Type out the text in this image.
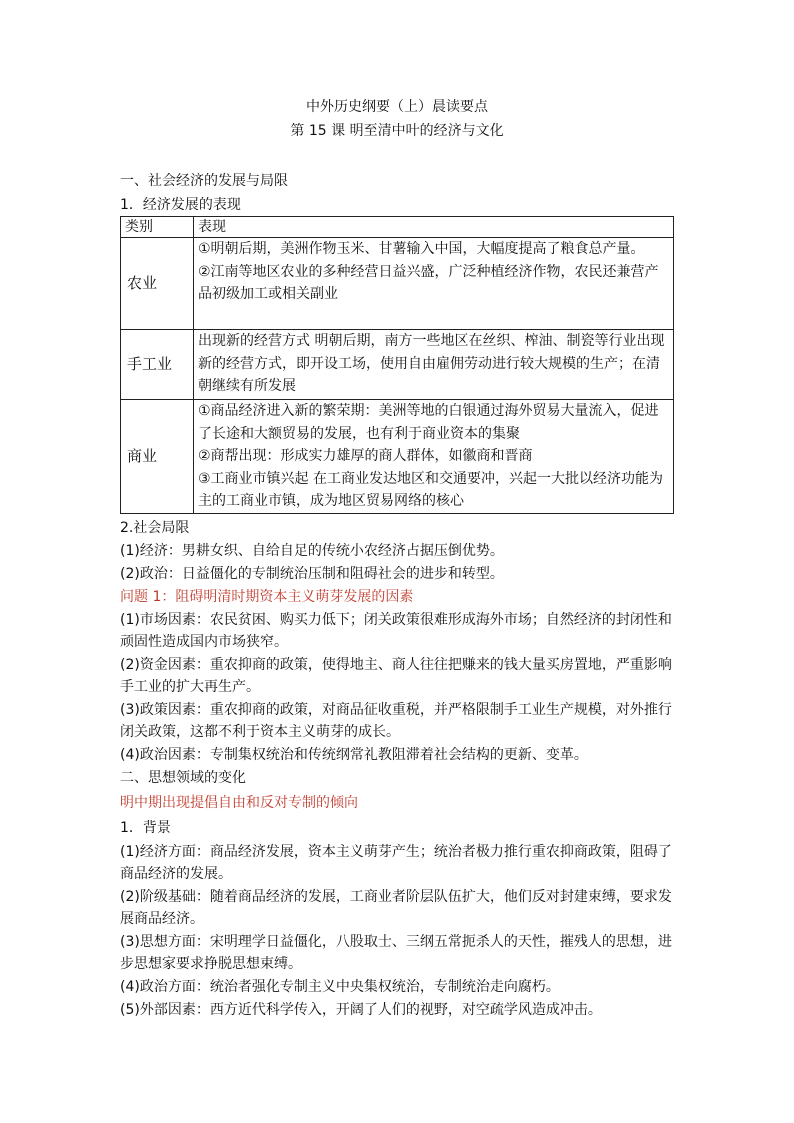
中外历史纲要（上）晨读要点
第 15 课 明至清中叶的经济与文化
一、社会经济的发展与局限
1．经济发展的表现
类别	表现
农业	①明朝后期，美洲作物玉米、甘薯输入中国，大幅度提高了粮食总产量。
②江南等地区农业的多种经营日益兴盛，广泛种植经济作物，农民还兼营产品初级加工或相关副业

手工业	出现新的经营方式 明朝后期，南方一些地区在丝织、榨油、制瓷等行业出现新的经营方式，即开设工场，使用自由雇佣劳动进行较大规模的生产；在清朝继续有所发展

商业	①商品经济进入新的繁荣期：美洲等地的白银通过海外贸易大量流入，促进了长途和大额贸易的发展，也有利于商业资本的集聚
②商帮出现：形成实力雄厚的商人群体，如徽商和晋商
③工商业市镇兴起 在工商业发达地区和交通要冲，兴起一大批以经济功能为主的工商业市镇，成为地区贸易网络的核心
2.社会局限
(1)经济：男耕女织、自给自足的传统小农经济占据压倒优势。
(2)政治：日益僵化的专制统治压制和阻碍社会的进步和转型。
问题 1：阻碍明清时期资本主义萌芽发展的因素
(1)市场因素：农民贫困、购买力低下；闭关政策很难形成海外市场；自然经济的封闭性和顽固性造成国内市场狭窄。
(2)资金因素：重农抑商的政策，使得地主、商人往往把赚来的钱大量买房置地，严重影响手工业的扩大再生产。
(3)政策因素：重农抑商的政策，对商品征收重税，并严格限制手工业生产规模，对外推行闭关政策，这都不利于资本主义萌芽的成长。
(4)政治因素：专制集权统治和传统纲常礼教阻滞着社会结构的更新、变革。
二、思想领域的变化
明中期出现提倡自由和反对专制的倾向
1．背景
(1)经济方面：商品经济发展，资本主义萌芽产生；统治者极力推行重农抑商政策，阻碍了商品经济的发展。
(2)阶级基础：随着商品经济的发展，工商业者阶层队伍扩大，他们反对封建束缚，要求发展商品经济。
(3)思想方面：宋明理学日益僵化，八股取士、三纲五常扼杀人的天性，摧残人的思想，进步思想家要求挣脱思想束缚。
(4)政治方面：统治者强化专制主义中央集权统治，专制统治走向腐朽。
(5)外部因素：西方近代科学传入，开阔了人们的视野，对空疏学风造成冲击。
